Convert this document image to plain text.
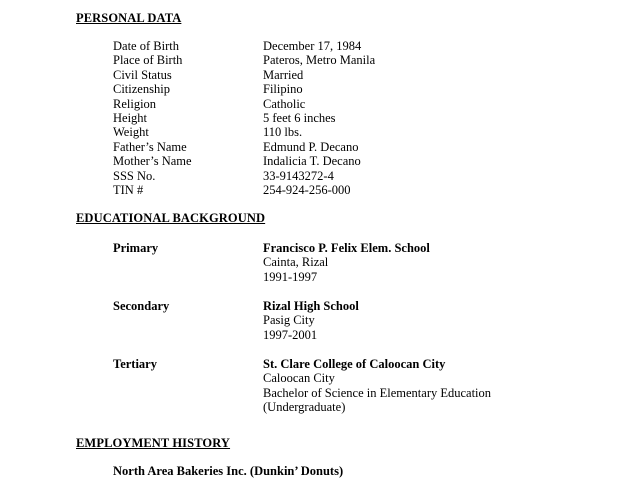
PERSONAL DATA
Date of Birth	December 17, 1984
Place of Birth	Pateros, Metro Manila
Civil Status	Married
Citizenship	Filipino
Religion	Catholic
Height	5 feet 6 inches
Weight	110 lbs.
Father’s Name	Edmund P. Decano
Mother’s Name	Indalicia T. Decano
SSS No.	33-9143272-4
TIN #	254-924-256-000
EDUCATIONAL BACKGROUND
Primary	Francisco P. Felix Elem. School
Cainta, Rizal
1991-1997
Secondary	Rizal High School
Pasig City
1997-2001
Tertiary	St. Clare College of Caloocan City
Caloocan City
Bachelor of Science in Elementary Education
(Undergraduate)
EMPLOYMENT HISTORY
North Area Bakeries Inc. (Dunkin’ Donuts)
